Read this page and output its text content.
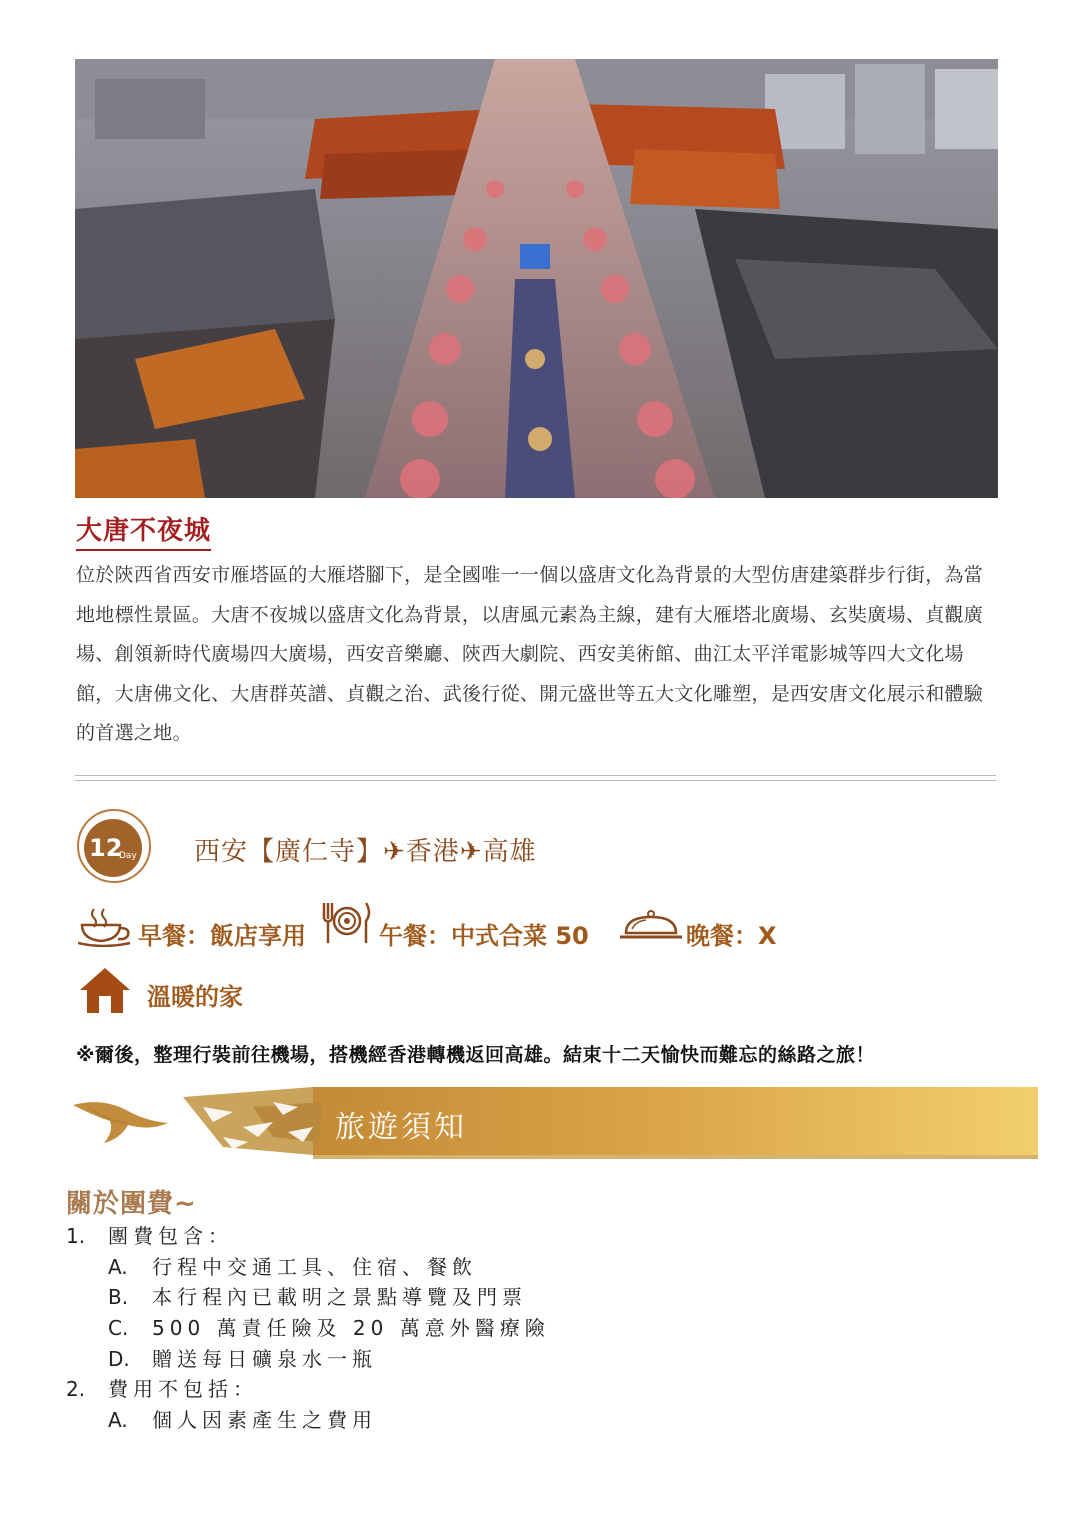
大唐不夜城

位於陝西省西安市雁塔區的大雁塔腳下，是全國唯一一個以盛唐文化為背景的大型仿唐建築群步行街，為當地地標性景區。大唐不夜城以盛唐文化為背景，以唐風元素為主線，建有大雁塔北廣場、玄奘廣場、貞觀廣場、創領新時代廣場四大廣場，西安音樂廳、陝西大劇院、西安美術館、曲江太平洋電影城等四大文化場館，大唐佛文化、大唐群英譜、貞觀之治、武後行從、開元盛世等五大文化雕塑，是西安唐文化展示和體驗的首選之地。

12
Day 西安【廣仁寺】✈香港✈高雄
早餐：飯店享用	午餐：中式合菜 50	晚餐：X
溫暖的家
※爾後，整理行裝前往機場，搭機經香港轉機返回高雄。結束十二天愉快而難忘的絲路之旅！
旅遊須知
關於團費~
1. 團費包含：
A. 行程中交通工具、住宿、餐飲
B. 本行程內已載明之景點導覽及門票
C. 500 萬責任險及 20 萬意外醫療險
D. 贈送每日礦泉水一瓶
2. 費用不包括：
A. 個人因素產生之費用
